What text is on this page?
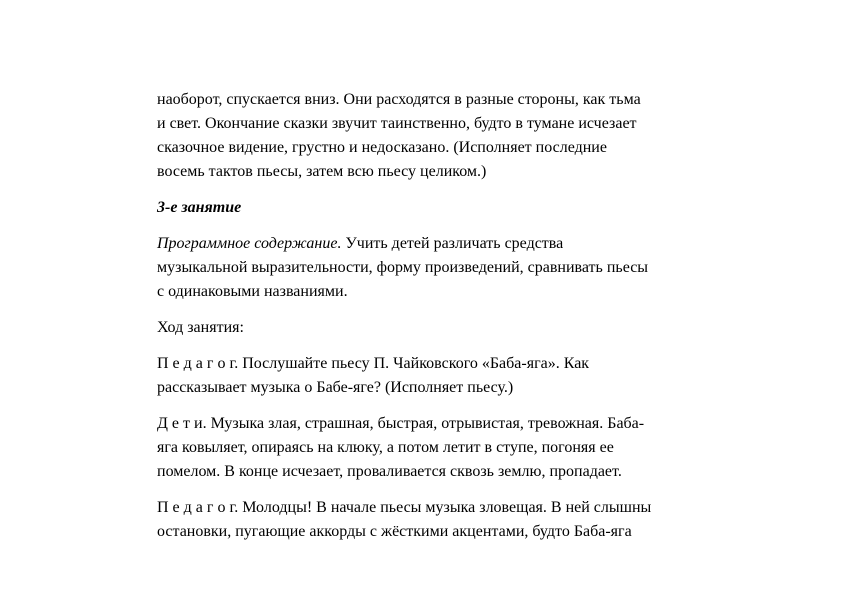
наоборот, спускается вниз. Они расходятся в разные стороны, как тьма
и свет. Окончание сказки звучит таинственно, будто в тумане исчезает
сказочное видение, грустно и недосказано. (Исполняет последние
восемь тактов пьесы, затем всю пьесу целиком.)

3-е занятие

Программное содержание. Учить детей различать средства
музыкальной выразительности, форму произведений, сравнивать пьесы
с одинаковыми названиями.

Ход занятия:

П е д а г о г. Послушайте пьесу П. Чайковского «Баба-яга». Как
рассказывает музыка о Бабе-яге? (Исполняет пьесу.)

Д е т и. Музыка злая, страшная, быстрая, отрывистая, тревожная. Баба-
яга ковыляет, опираясь на клюку, а потом летит в ступе, погоняя ее
помелом. В конце исчезает, проваливается сквозь землю, пропадает.

П е д а г о г. Молодцы! В начале пьесы музыка зловещая. В ней слышны
остановки, пугающие аккорды с жёсткими акцентами, будто Баба-яга
